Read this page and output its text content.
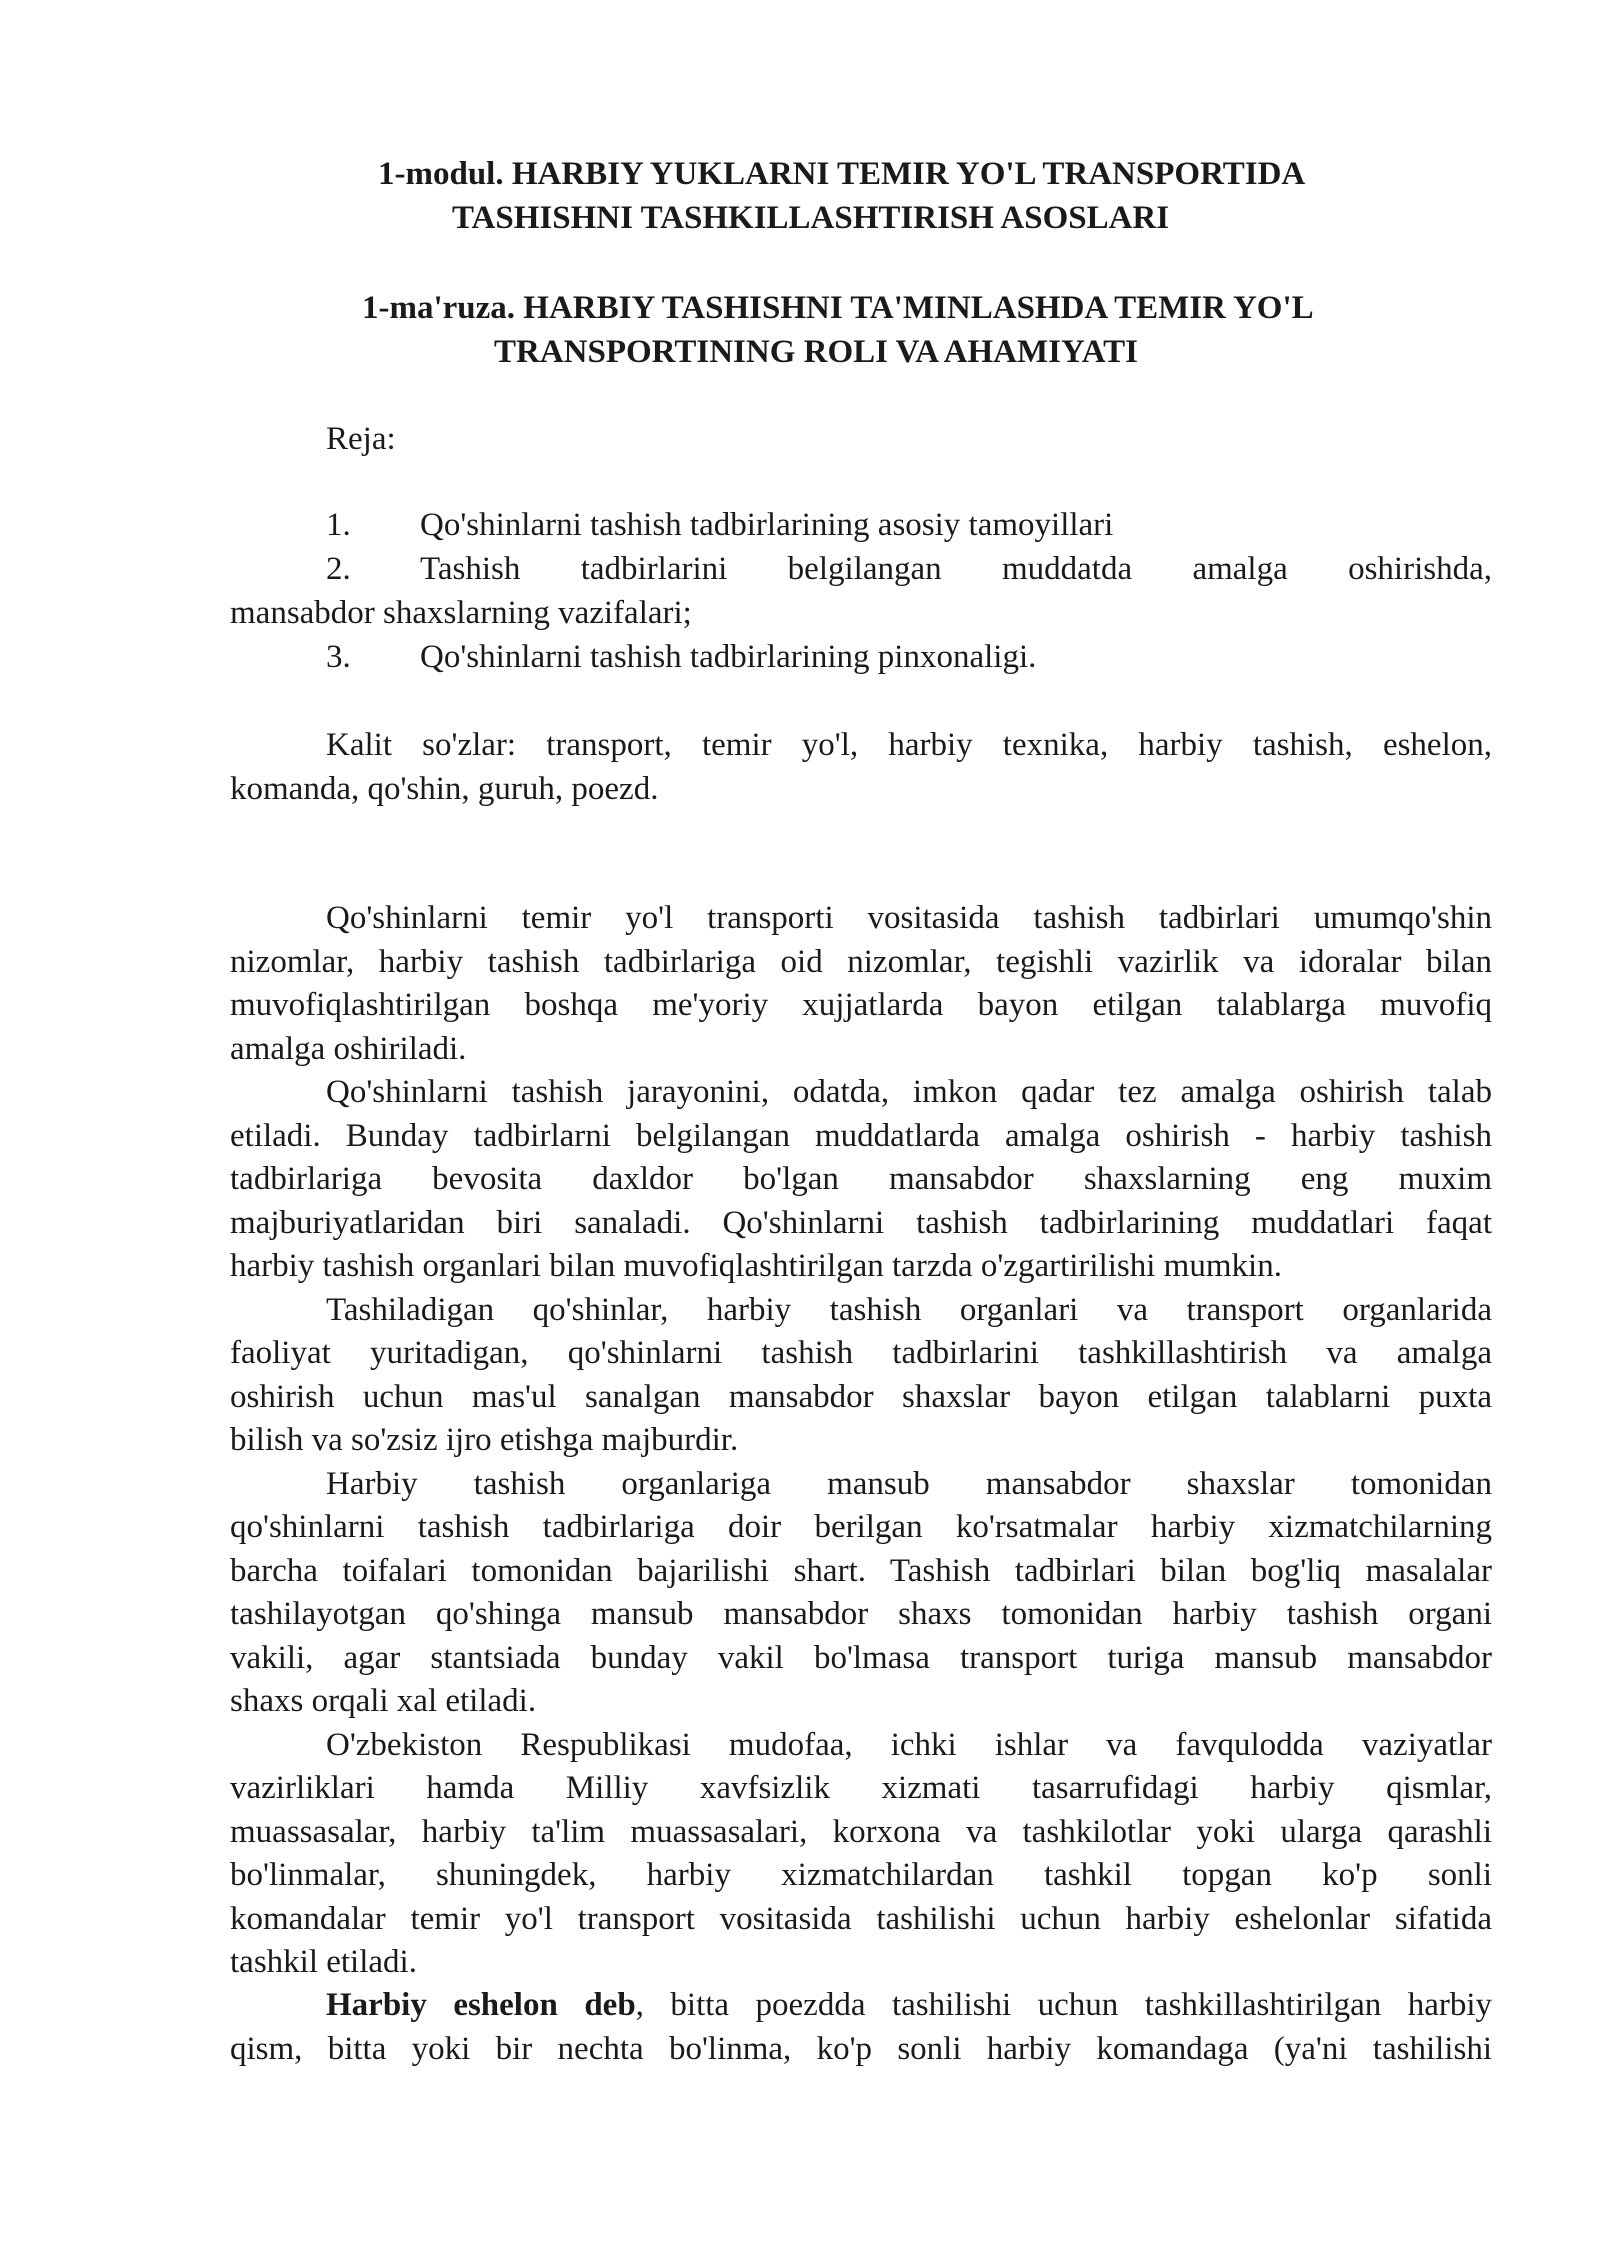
1-modul. HARBIY YUKLARNI TEMIR YO'L TRANSPORTIDA
TASHISHNI TASHKILLASHTIRISH ASOSLARI
1-ma'ruza. HARBIY TASHISHNI TA'MINLASHDA TEMIR YO'L
TRANSPORTINING ROLI VA AHAMIYATI
Reja:
1. Qo'shinlarni tashish tadbirlarining asosiy tamoyillari
2. Tashish tadbirlarini belgilangan muddatda amalga oshirishda,
mansabdor shaxslarning vazifalari;
3. Qo'shinlarni tashish tadbirlarining pinxonaligi.
Kalit so'zlar: transport, temir yo'l, harbiy texnika, harbiy tashish, eshelon,
komanda, qo'shin, guruh, poezd.
Qo'shinlarni temir yo'l transporti vositasida tashish tadbirlari umumqo'shin
nizomlar, harbiy tashish tadbirlariga oid nizomlar, tegishli vazirlik va idoralar bilan
muvofiqlashtirilgan boshqa me'yoriy xujjatlarda bayon etilgan talablarga muvofiq
amalga oshiriladi.
Qo'shinlarni tashish jarayonini, odatda, imkon qadar tez amalga oshirish talab
etiladi. Bunday tadbirlarni belgilangan muddatlarda amalga oshirish - harbiy tashish
tadbirlariga bevosita daxldor bo'lgan mansabdor shaxslarning eng muxim
majburiyatlaridan biri sanaladi. Qo'shinlarni tashish tadbirlarining muddatlari faqat
harbiy tashish organlari bilan muvofiqlashtirilgan tarzda o'zgartirilishi mumkin.
Tashiladigan qo'shinlar, harbiy tashish organlari va transport organlarida
faoliyat yuritadigan, qo'shinlarni tashish tadbirlarini tashkillashtirish va amalga
oshirish uchun mas'ul sanalgan mansabdor shaxslar bayon etilgan talablarni puxta
bilish va so'zsiz ijro etishga majburdir.
Harbiy tashish organlariga mansub mansabdor shaxslar tomonidan
qo'shinlarni tashish tadbirlariga doir berilgan ko'rsatmalar harbiy xizmatchilarning
barcha toifalari tomonidan bajarilishi shart. Tashish tadbirlari bilan bog'liq masalalar
tashilayotgan qo'shinga mansub mansabdor shaxs tomonidan harbiy tashish organi
vakili, agar stantsiada bunday vakil bo'lmasa transport turiga mansub mansabdor
shaxs orqali xal etiladi.
O'zbekiston Respublikasi mudofaa, ichki ishlar va favqulodda vaziyatlar
vazirliklari hamda Milliy xavfsizlik xizmati tasarrufidagi harbiy qismlar,
muassasalar, harbiy ta'lim muassasalari, korxona va tashkilotlar yoki ularga qarashli
bo'linmalar, shuningdek, harbiy xizmatchilardan tashkil topgan ko'p sonli
komandalar temir yo'l transport vositasida tashilishi uchun harbiy eshelonlar sifatida
tashkil etiladi.
Harbiy eshelon deb, bitta poezdda tashilishi uchun tashkillashtirilgan harbiy
qism, bitta yoki bir nechta bo'linma, ko'p sonli harbiy komandaga (ya'ni tashilishi
